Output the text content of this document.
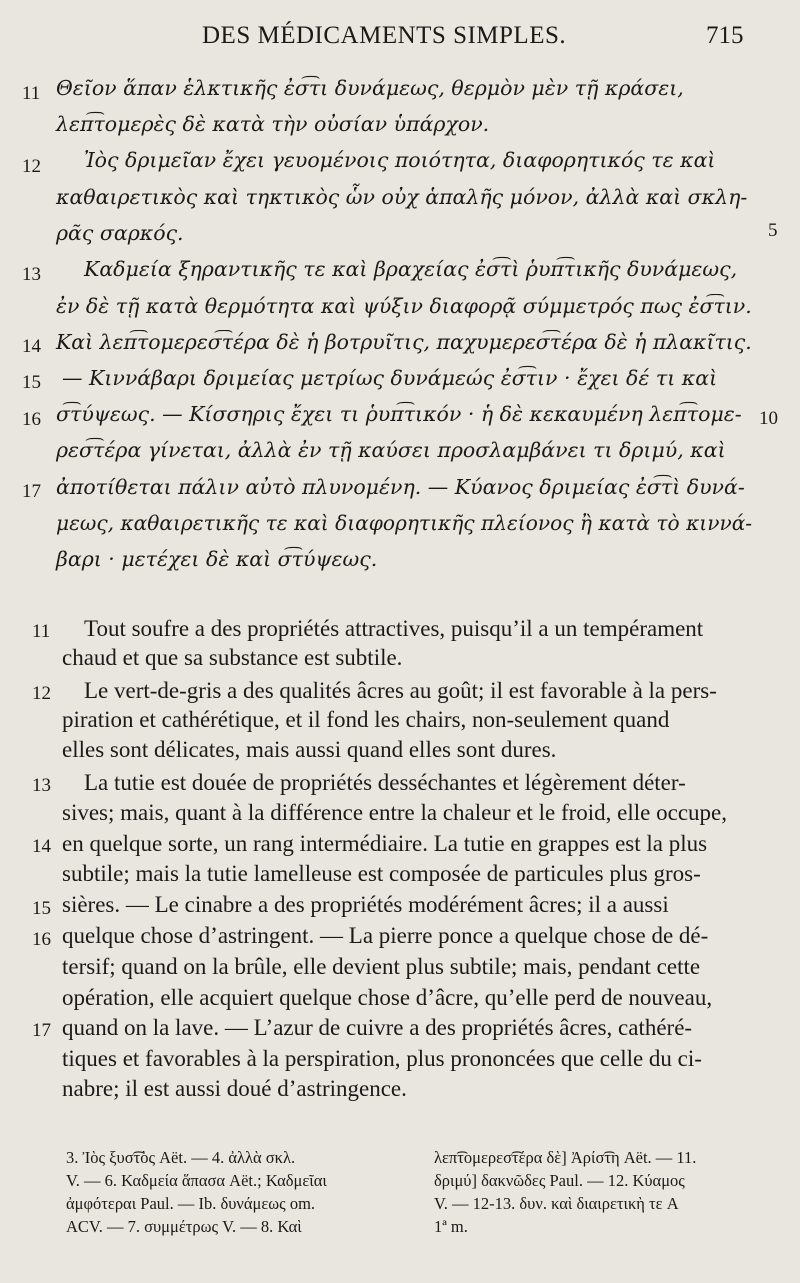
DES MÉDICAMENTS SIMPLES.	715
11 Θεῖον ἅπαν ἑλκτικῆς ἐσ͡τι δυνάμεως, θερμὸν μὲν τῇ κράσει,
λεπ͡τομερὲς δὲ κατὰ τὴν οὐσίαν ὑπάρχον.
12 Ἰὸς δριμεῖαν ἔχει γευομένοις ποιότητα, διαφορητικός τε καὶ
καθαιρετικὸς καὶ τηκτικὸς ὧν οὐχ ἁπαλῆς μόνον, ἀλλὰ καὶ σκλη-
ρᾶς σαρκός.
13 Καδμεία ξηραντικῆς τε καὶ βραχείας ἐσ͡τὶ ῥυπ͡τικῆς δυνάμεως,
ἐν δὲ τῇ κατὰ θερμότητα καὶ ψύξιν διαφορᾷ σύμμετρός πως ἐσ͡τιν.
14 Καὶ λεπ͡τομερεσ͡τέρα δὲ ἡ βοτρυῖτις, παχυμερεσ͡τέρα δὲ ἡ πλακῖτις.
15 — Κιννάβαρι δριμείας μετρίως δυνάμεώς ἐσ͡τιν · ἔχει δέ τι καὶ
16 σ͡τύψεως. — Κίσσηρις ἔχει τι ῥυπ͡τικόν · ἡ δὲ κεκαυμένη λεπ͡τομε-
ρεσ͡τέρα γίνεται, ἀλλὰ ἐν τῇ καύσει προσλαμβάνει τι δριμύ, καὶ
17 ἀποτίθεται πάλιν αὐτὸ πλυνομένη. — Κύανος δριμείας ἐσ͡τὶ δυνά-
μεως, καθαιρετικῆς τε καὶ διαφορητικῆς πλείονος ἢ κατὰ τὸ κιννά-
βαρι · μετέχει δὲ καὶ σ͡τύψεως.
5
10
11 Tout soufre a des propriétés attractives, puisqu’il a un tempérament
chaud et que sa substance est subtile.
12 Le vert-de-gris a des qualités âcres au goût; il est favorable à la pers-
piration et cathérétique, et il fond les chairs, non-seulement quand
elles sont délicates, mais aussi quand elles sont dures.
13 La tutie est douée de propriétés desséchantes et légèrement déter-
sives; mais, quant à la différence entre la chaleur et le froid, elle occupe,
14 en quelque sorte, un rang intermédiaire. La tutie en grappes est la plus
subtile; mais la tutie lamelleuse est composée de particules plus gros-
15 sières. — Le cinabre a des propriétés modérément âcres; il a aussi
16 quelque chose d’astringent. — La pierre ponce a quelque chose de dé-
tersif; quand on la brûle, elle devient plus subtile; mais, pendant cette
opération, elle acquiert quelque chose d’âcre, qu’elle perd de nouveau,
17 quand on la lave. — L’azur de cuivre a des propriétés âcres, cathéré-
tiques et favorables à la perspiration, plus prononcées que celle du ci-
nabre; il est aussi doué d’astringence.
3. Ἰὸς ξυσ͡τὸς Aët. — 4. ἀλλὰ σκλ.
V. — 6. Καδμεία ἅπασα Aët.; Καδμεῖαι
ἀμφότεραι Paul. — Ib. δυνάμεως om.
ACV. — 7. συμμέτρως V. — 8. Καὶ
λεπ͡τομερεσ͡τέρα δὲ] Ἀρίσ͡τη Aët. — 11.
δριμύ] δακνῶδες Paul. — 12. Κύαμος
V. — 12-13. δυν. καὶ διαιρετικὴ τε A
1ª m.
